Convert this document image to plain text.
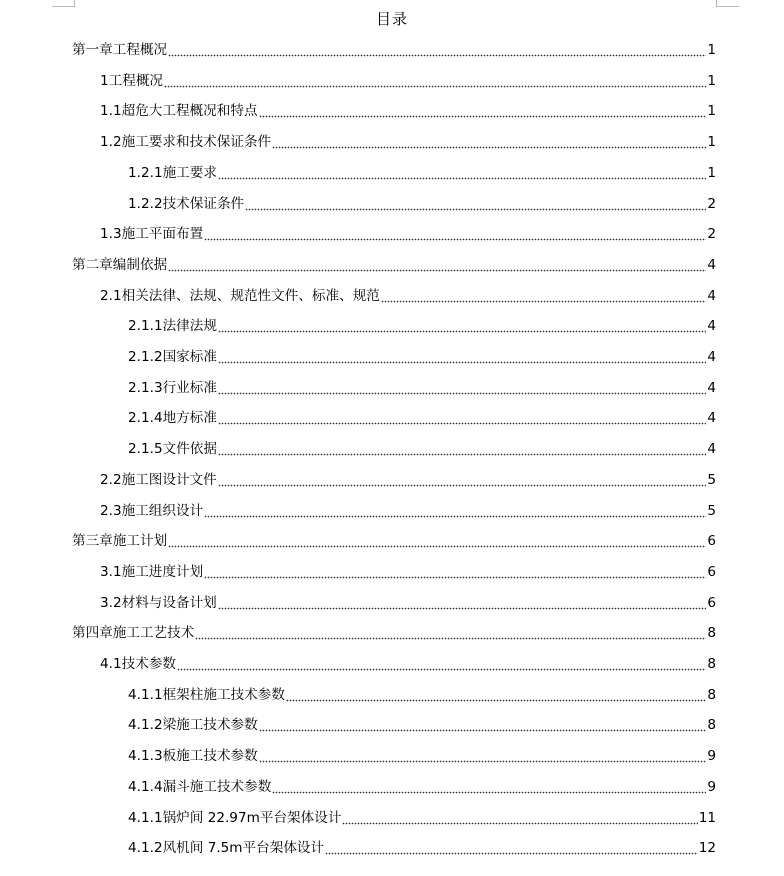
目录
第一章工程概况	1
1工程概况	1
1.1超危大工程概况和特点	1
1.2施工要求和技术保证条件	1
1.2.1施工要求	1
1.2.2技术保证条件	2
1.3施工平面布置	2
第二章编制依据	4
2.1相关法律、法规、规范性文件、标准、规范	4
2.1.1法律法规	4
2.1.2国家标准	4
2.1.3行业标准	4
2.1.4地方标准	4
2.1.5文件依据	4
2.2施工图设计文件	5
2.3施工组织设计	5
第三章施工计划	6
3.1施工进度计划	6
3.2材料与设备计划	6
第四章施工工艺技术	8
4.1技术参数	8
4.1.1框架柱施工技术参数	8
4.1.2梁施工技术参数	8
4.1.3板施工技术参数	9
4.1.4漏斗施工技术参数	9
4.1.1锅炉间 22.97m平台架体设计	11
4.1.2风机间 7.5m平台架体设计	12
